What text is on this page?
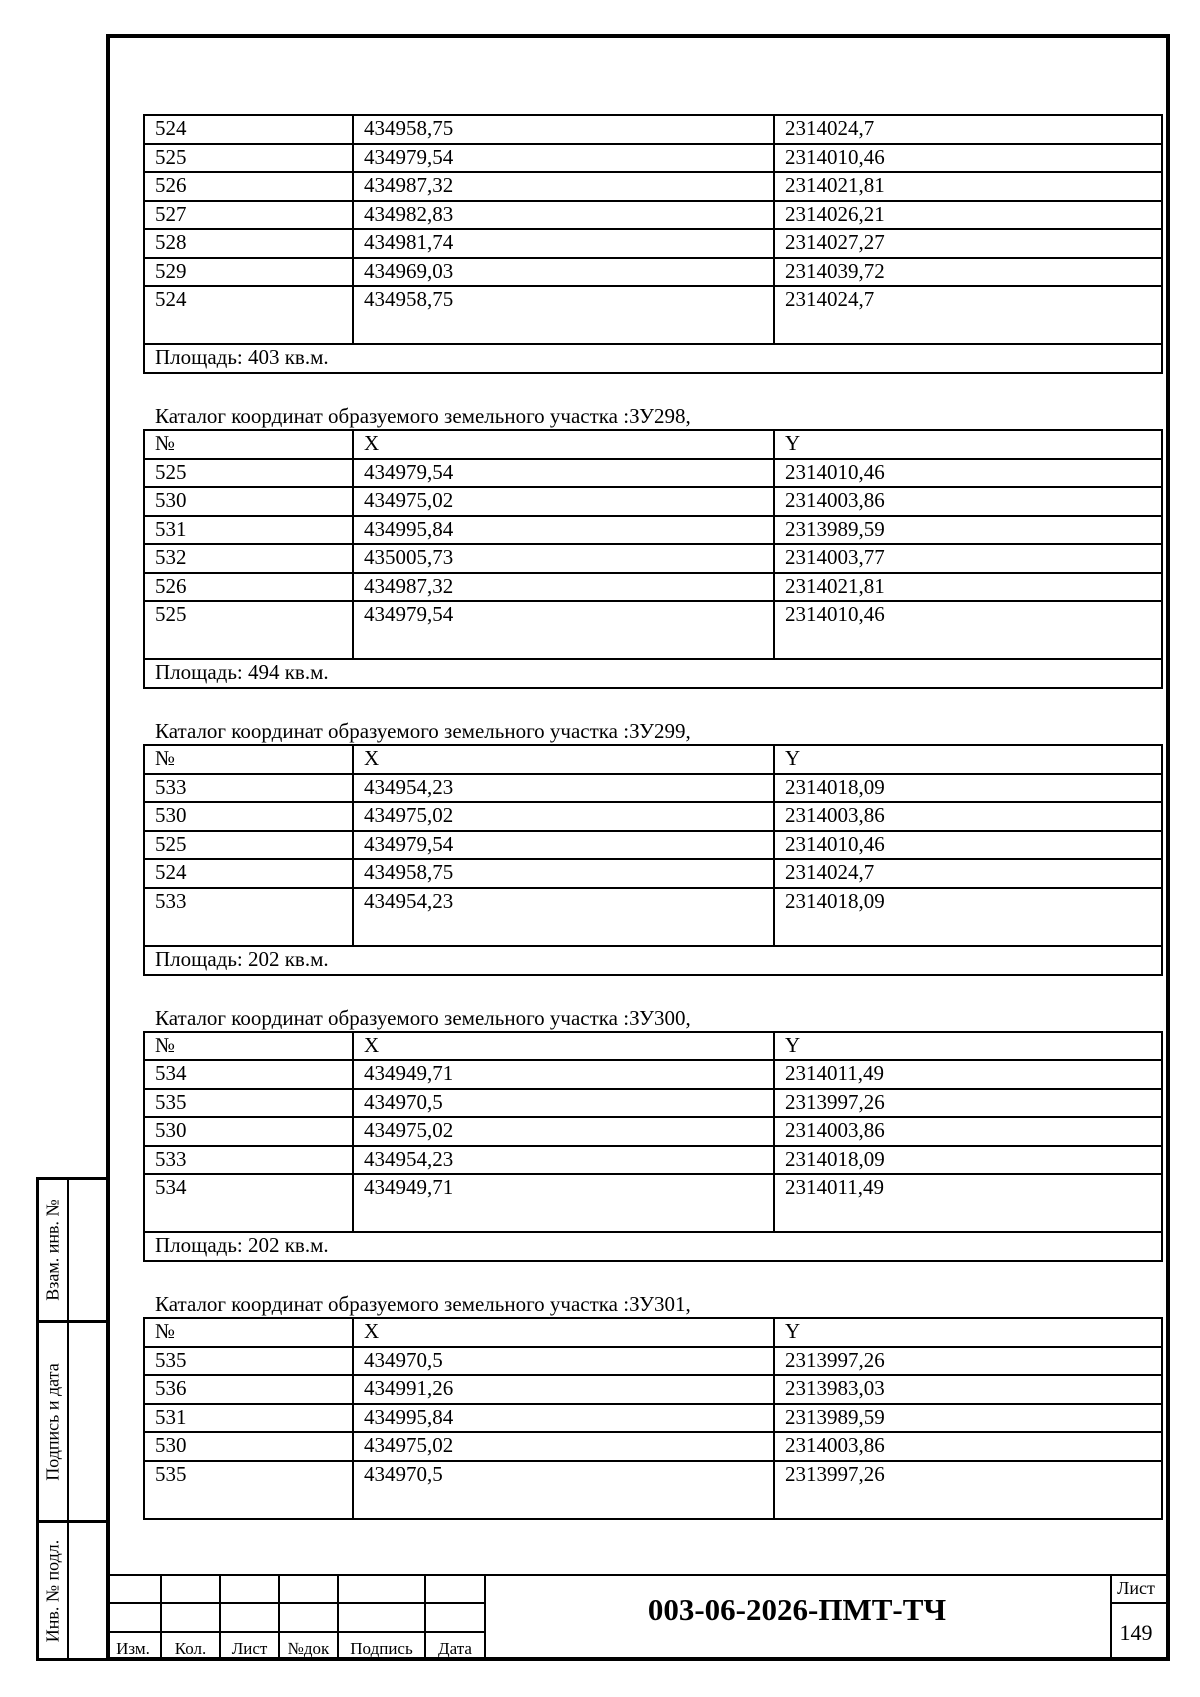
524	434958,75	2314024,7
525	434979,54	2314010,46
526	434987,32	2314021,81
527	434982,83	2314026,21
528	434981,74	2314027,27
529	434969,03	2314039,72
524	434958,75	2314024,7
Площадь: 403 кв.м.		
Каталог координат образуемого земельного участка :ЗУ298,
№	X	Y
525	434979,54	2314010,46
530	434975,02	2314003,86
531	434995,84	2313989,59
532	435005,73	2314003,77
526	434987,32	2314021,81
525	434979,54	2314010,46
Площадь: 494 кв.м.		
Каталог координат образуемого земельного участка :ЗУ299,
№	X	Y
533	434954,23	2314018,09
530	434975,02	2314003,86
525	434979,54	2314010,46
524	434958,75	2314024,7
533	434954,23	2314018,09
Площадь: 202 кв.м.		
Каталог координат образуемого земельного участка :ЗУ300,
№	X	Y
534	434949,71	2314011,49
535	434970,5	2313997,26
530	434975,02	2314003,86
533	434954,23	2314018,09
534	434949,71	2314011,49
Площадь: 202 кв.м.		
Каталог координат образуемого земельного участка :ЗУ301,
№	X	Y
535	434970,5	2313997,26
536	434991,26	2313983,03
531	434995,84	2313989,59
530	434975,02	2314003,86
535	434970,5	2313997,26
Взам. инв. №
Подпись и дата
Инв. № подл.
Изм.	Кол.	Лист	№док	Подпись	Дата
003-06-2026-ПМТ-ТЧ
Лист
149
